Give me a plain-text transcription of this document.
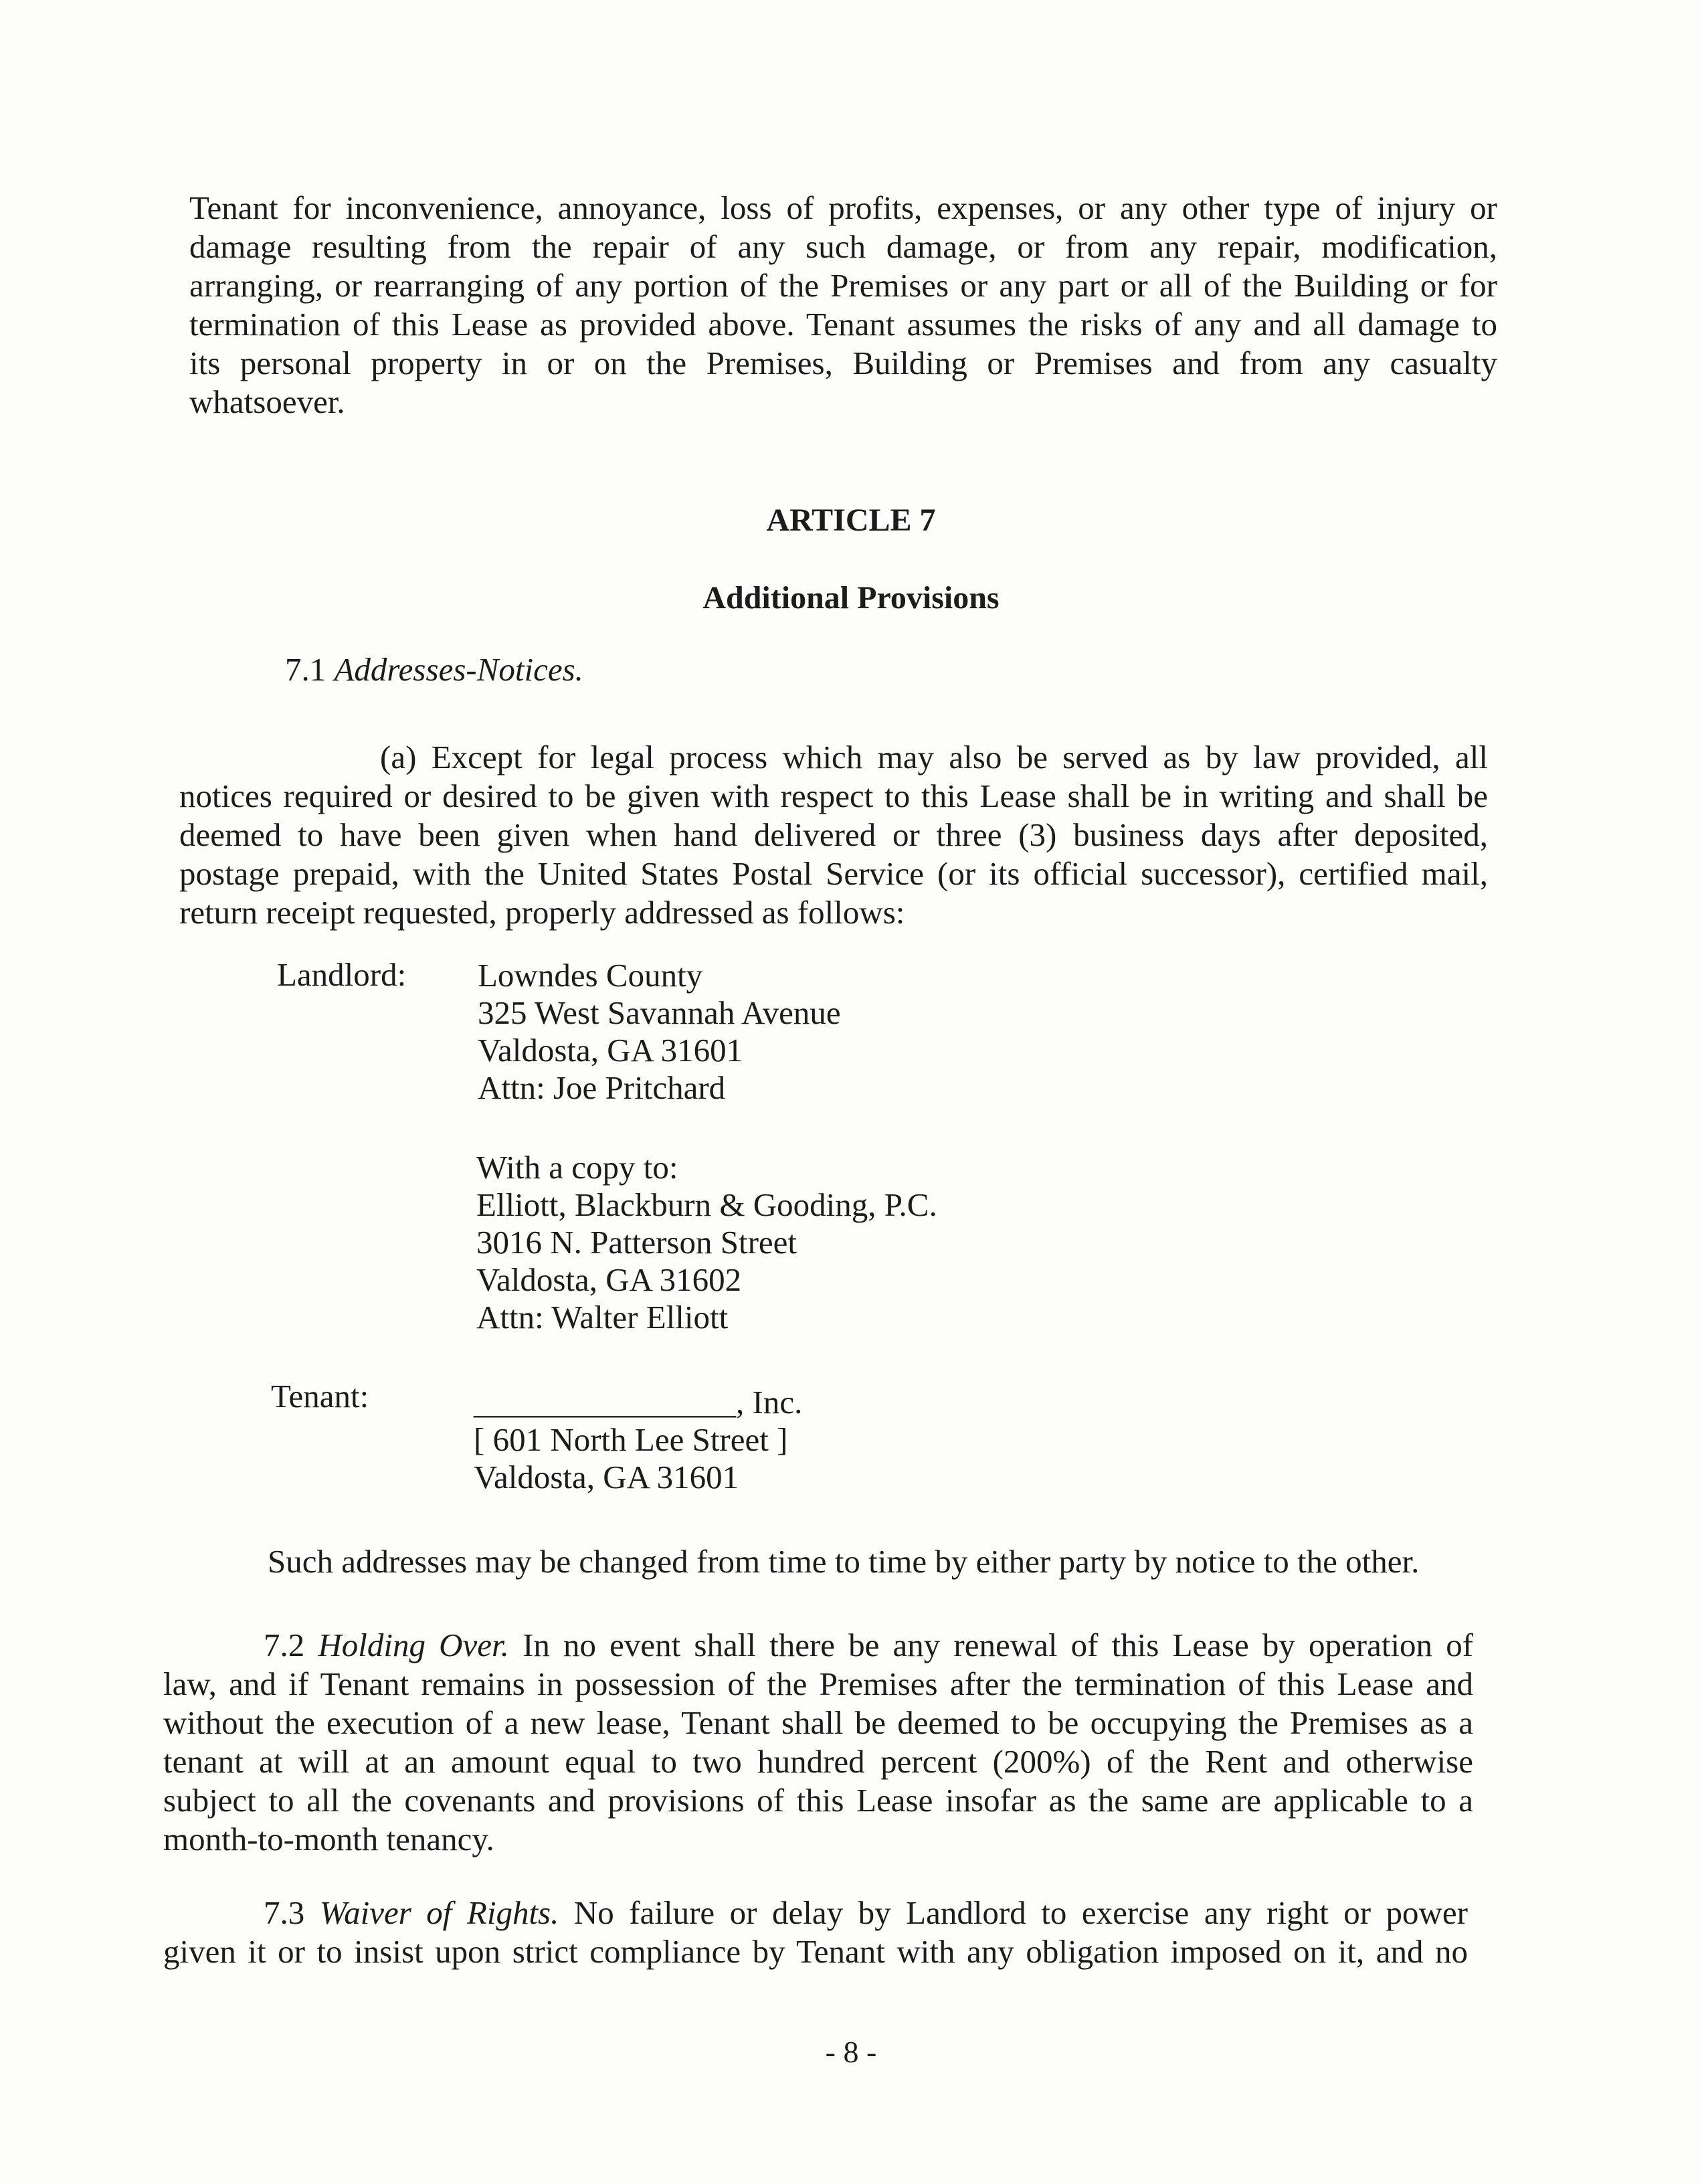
Tenant for inconvenience, annoyance, loss of profits, expenses, or any other type of injury or
damage resulting from the repair of any such damage, or from any repair, modification,
arranging, or rearranging of any portion of the Premises or any part or all of the Building or for
termination of this Lease as provided above. Tenant assumes the risks of any and all damage to
its personal property in or on the Premises, Building or Premises and from any casualty
whatsoever.
ARTICLE 7
Additional Provisions
7.1 Addresses-Notices.
(a) Except for legal process which may also be served as by law provided, all
notices required or desired to be given with respect to this Lease shall be in writing and shall be
deemed to have been given when hand delivered or three (3) business days after deposited,
postage prepaid, with the United States Postal Service (or its official successor), certified mail,
return receipt requested, properly addressed as follows:
Landlord: Lowndes County
325 West Savannah Avenue
Valdosta, GA 31601
Attn: Joe Pritchard
With a copy to:
Elliott, Blackburn & Gooding, P.C.
3016 N. Patterson Street
Valdosta, GA 31602
Attn: Walter Elliott
Tenant:	________________, Inc.
[ 601 North Lee Street ]
Valdosta, GA 31601
Such addresses may be changed from time to time by either party by notice to the other.
7.2 Holding Over. In no event shall there be any renewal of this Lease by operation of
law, and if Tenant remains in possession of the Premises after the termination of this Lease and
without the execution of a new lease, Tenant shall be deemed to be occupying the Premises as a
tenant at will at an amount equal to two hundred percent (200%) of the Rent and otherwise
subject to all the covenants and provisions of this Lease insofar as the same are applicable to a
month-to-month tenancy.
7.3 Waiver of Rights. No failure or delay by Landlord to exercise any right or power
given it or to insist upon strict compliance by Tenant with any obligation imposed on it, and no
- 8 -
